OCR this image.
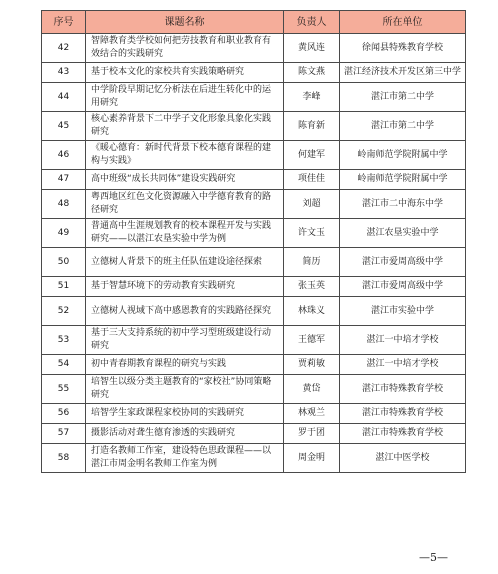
序号	课题名称	负责人	所在单位
42	智障教育类学校如何把劳技教育和职业教育有效结合的实践研究	黄风连	徐闻县特殊教育学校
43	基于校本文化的家校共育实践策略研究	陈文燕	湛江经济技术开发区第三中学
44	中学阶段早期记忆分析法在后进生转化中的运用研究	李峰	湛江市第二中学
45	核心素养背景下二中学子文化形象具象化实践研究	陈育新	湛江市第二中学
46	《暖心德育：新时代背景下校本德育课程的建构与实践》	何建军	岭南师范学院附属中学
47	高中班级“成长共同体”建设实践研究	项佳佳	岭南师范学院附属中学
48	粤西地区红色文化资源融入中学德育教育的路径研究	刘超	湛江市二中海东中学
49	普通高中生涯规划教育的校本课程开发与实践研究——以湛江农垦实验中学为例	许文玉	湛江农垦实验中学
50	立德树人背景下的班主任队伍建设途径探索	简历	湛江市爱周高级中学
51	基于智慧环境下的劳动教育实践研究	张玉英	湛江市爱周高级中学
52	立德树人视域下高中感恩教育的实践路径探究	林珠义	湛江市实验中学
53	基于三大支持系统的初中学习型班级建设行动研究	王德军	湛江一中培才学校
54	初中青春期教育课程的研究与实践	贾莉敏	湛江一中培才学校
55	培智生以级分类主题教育的“家校社”协同策略研究	黄岱	湛江市特殊教育学校
56	培智学生家政课程家校协同的实践研究	林观兰	湛江市特殊教育学校
57	摄影活动对聋生德育渗透的实践研究	罗于团	湛江市特殊教育学校
58	打造名教师工作室，建设特色思政课程——以湛江市周金明名教师工作室为例	周金明	湛江中医学校
—5—
